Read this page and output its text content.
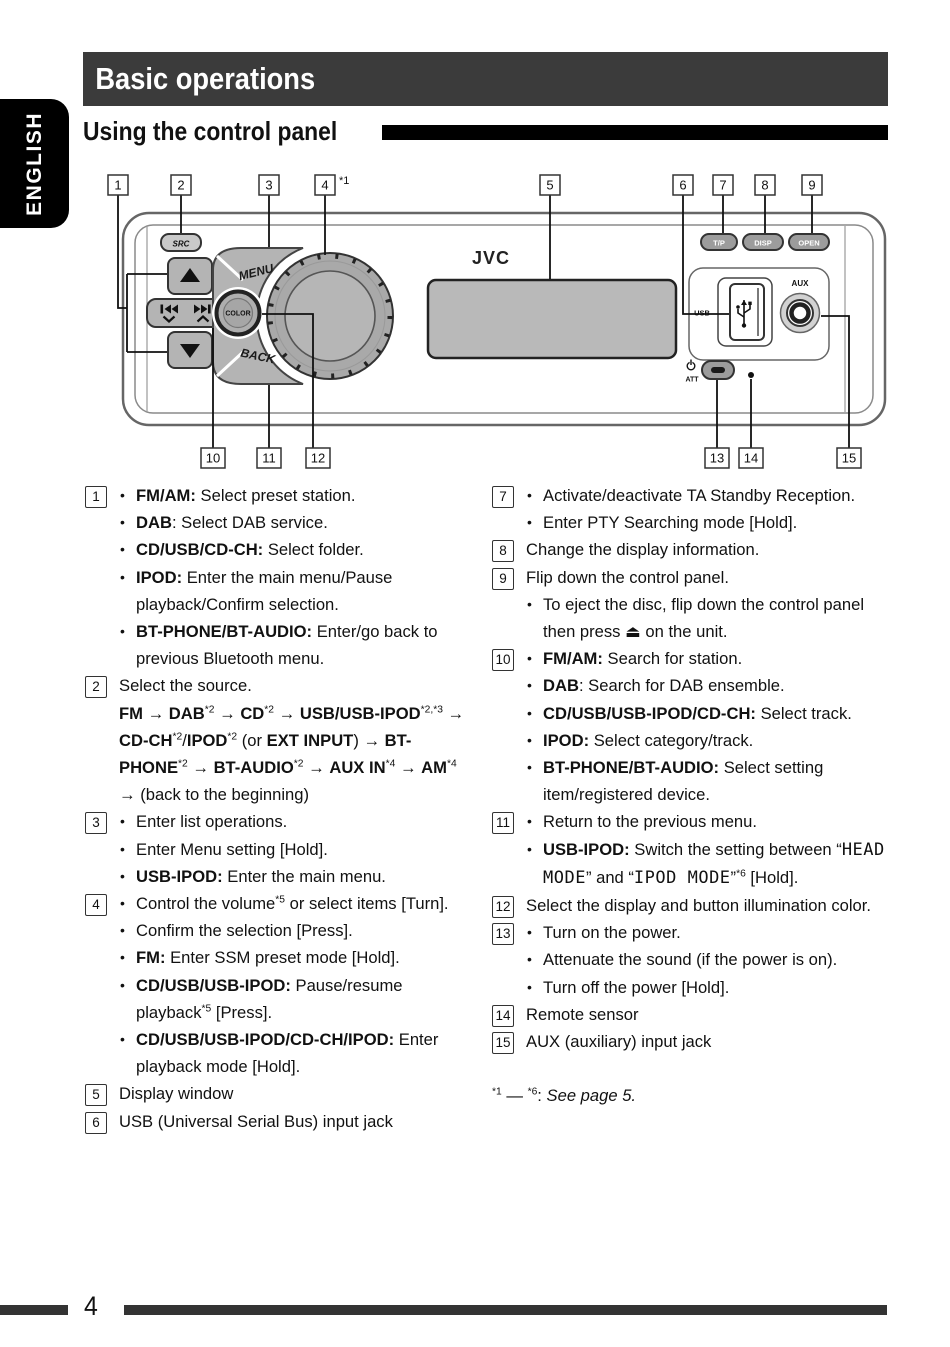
ENGLISH
Basic operations
Using the control panel
SRC
MENU
BACK
COLOR
JVC
T/P	DISP	OPEN
USB
AUX
ATT
1	2	3	4 *1	5	6	7	8	9
10	11	12	13 14	15
1	• FM/AM: Select preset station.
• DAB: Select DAB service.
• CD/USB/CD-CH: Select folder.
• IPOD: Enter the main menu/Pause playback/Confirm selection.
• BT-PHONE/BT-AUDIO: Enter/go back to previous Bluetooth menu.
2	Select the source.
FM → $DAB^{*2} \to CD^{*2}$ → USB/$USB-IPOD^{*2,*3}$ → $CD-CH^{*2}/IPOD^{*2}$ (or EXT INPUT) → $BT-PHONE^{*2}$ → $BT-AUDIO^{*2}$ → AUX $IN^{*4} \to AM^{*4}$ → (back to the beginning)
3	• Enter list operations.
• Enter Menu setting [Hold].
• USB-IPOD: Enter the main menu.
4	• Control the volume$^{*5}$ or select items [Turn].
• Confirm the selection [Press].
• FM: Enter SSM preset mode [Hold].
• CD/USB/USB-IPOD: Pause/resume playback$^{*5}$ [Press].
• CD/USB/USB-IPOD/CD-CH/IPOD: Enter playback mode [Hold].
5	Display window
6	USB (Universal Serial Bus) input jack
7	• Activate/deactivate TA Standby Reception.
• Enter PTY Searching mode [Hold].
8	Change the display information.
9	Flip down the control panel.
• To eject the disc, flip down the control panel then press ⏏ on the unit.
10 • FM/AM: Search for station.
• DAB: Search for DAB ensemble.
• CD/USB/USB-IPOD/CD-CH: Select track.
• IPOD: Select category/track.
• BT-PHONE/BT-AUDIO: Select setting item/registered device.
11 • Return to the previous menu.
• USB-IPOD: Switch the setting between “HEAD MODE” and “IPOD MODE”$^{*6}$ [Hold].
12 Select the display and button illumination color.
13 • Turn on the power.
• Attenuate the sound (if the power is on).
• Turn off the power [Hold].
14 Remote sensor
15 AUX (auxiliary) input jack
$^{*1}$ — $^{*6}$: See page 5.
4
